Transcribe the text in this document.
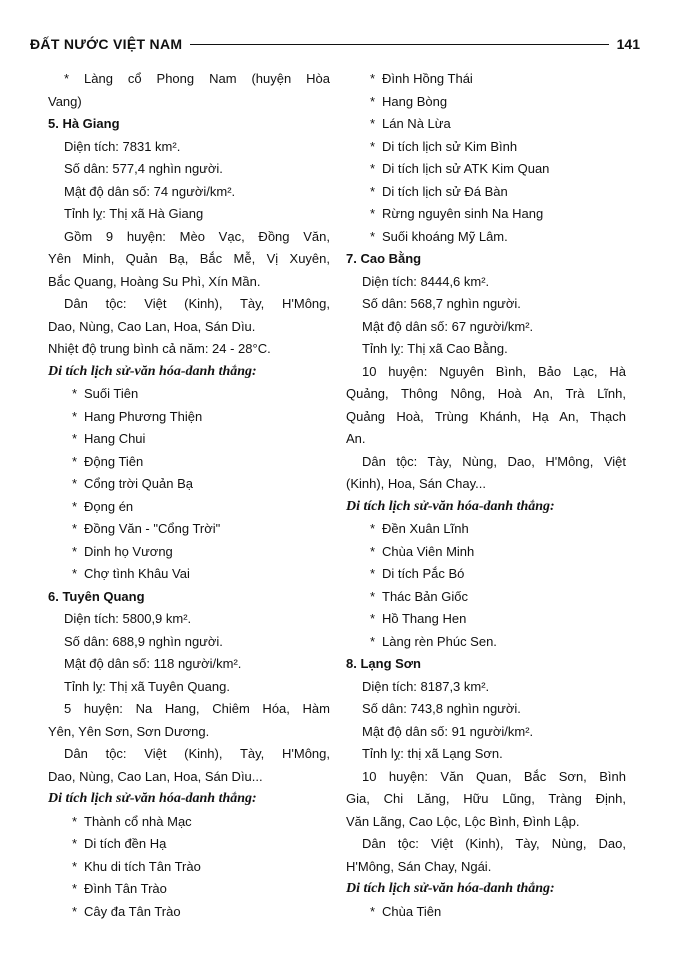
ĐẤT NƯỚC VIỆT NAM	141
* Làng cổ Phong Nam (huyện Hòa
Vang)
5. Hà Giang
Diện tích: 7831 km².
Số dân: 577,4 nghìn người.
Mật độ dân số: 74 người/km².
Tỉnh lỵ: Thị xã Hà Giang
Gồm 9 huyện: Mèo Vạc, Đồng Văn,
Yên Minh, Quản Bạ, Bắc Mễ, Vị Xuyên,
Bắc Quang, Hoàng Su Phì, Xín Mần.
Dân tộc: Việt (Kinh), Tày, H'Mông,
Dao, Nùng, Cao Lan, Hoa, Sán Dìu.
Nhiệt độ trung bình cả năm: 24 - 28°C.
Di tích lịch sử-văn hóa-danh thắng:
* Suối Tiên
* Hang Phương Thiện
* Hang Chui
* Động Tiên
* Cổng trời Quản Bạ
* Đọng én
* Đồng Văn - "Cổng Trời"
* Dinh họ Vương
* Chợ tình Khâu Vai
6. Tuyên Quang
Diện tích: 5800,9 km².
Số dân: 688,9 nghìn người.
Mật độ dân số: 118 người/km².
Tỉnh lỵ: Thị xã Tuyên Quang.
5 huyện: Na Hang, Chiêm Hóa, Hàm
Yên, Yên Sơn, Sơn Dương.
Dân tộc: Việt (Kinh), Tày, H'Mông,
Dao, Nùng, Cao Lan, Hoa, Sán Dìu...
Di tích lịch sử-văn hóa-danh thắng:
* Thành cổ nhà Mạc
* Di tích đền Hạ
* Khu di tích Tân Trào
* Đình Tân Trào
* Cây đa Tân Trào
* Đình Hồng Thái
* Hang Bòng
* Lán Nà Lừa
* Di tích lịch sử Kim Bình
* Di tích lịch sử ATK Kim Quan
* Di tích lịch sử Đá Bàn
* Rừng nguyên sinh Na Hang
* Suối khoáng Mỹ Lâm.
7. Cao Bằng
Diện tích: 8444,6 km².
Số dân: 568,7 nghìn người.
Mật độ dân số: 67 người/km².
Tỉnh lỵ: Thị xã Cao Bằng.
10 huyện: Nguyên Bình, Bảo Lạc, Hà
Quảng, Thông Nông, Hoà An, Trà Lĩnh,
Quảng Hoà, Trùng Khánh, Hạ An, Thạch
An.
Dân tộc: Tày, Nùng, Dao, H'Mông, Việt
(Kinh), Hoa, Sán Chay...
Di tích lịch sử-văn hóa-danh thắng:
* Đền Xuân Lĩnh
* Chùa Viên Minh
* Di tích Pắc Bó
* Thác Bản Giốc
* Hồ Thang Hen
* Làng rèn Phúc Sen.
8. Lạng Sơn
Diện tích: 8187,3 km².
Số dân: 743,8 nghìn người.
Mật độ dân số: 91 người/km².
Tỉnh lỵ: thị xã Lạng Sơn.
10 huyện: Văn Quan, Bắc Sơn, Bình
Gia, Chi Lăng, Hữu Lũng, Tràng Định,
Văn Lãng, Cao Lộc, Lộc Bình, Đình Lập.
Dân tộc: Việt (Kinh), Tày, Nùng, Dao,
H'Mông, Sán Chay, Ngái.
Di tích lịch sử-văn hóa-danh thắng:
* Chùa Tiên
